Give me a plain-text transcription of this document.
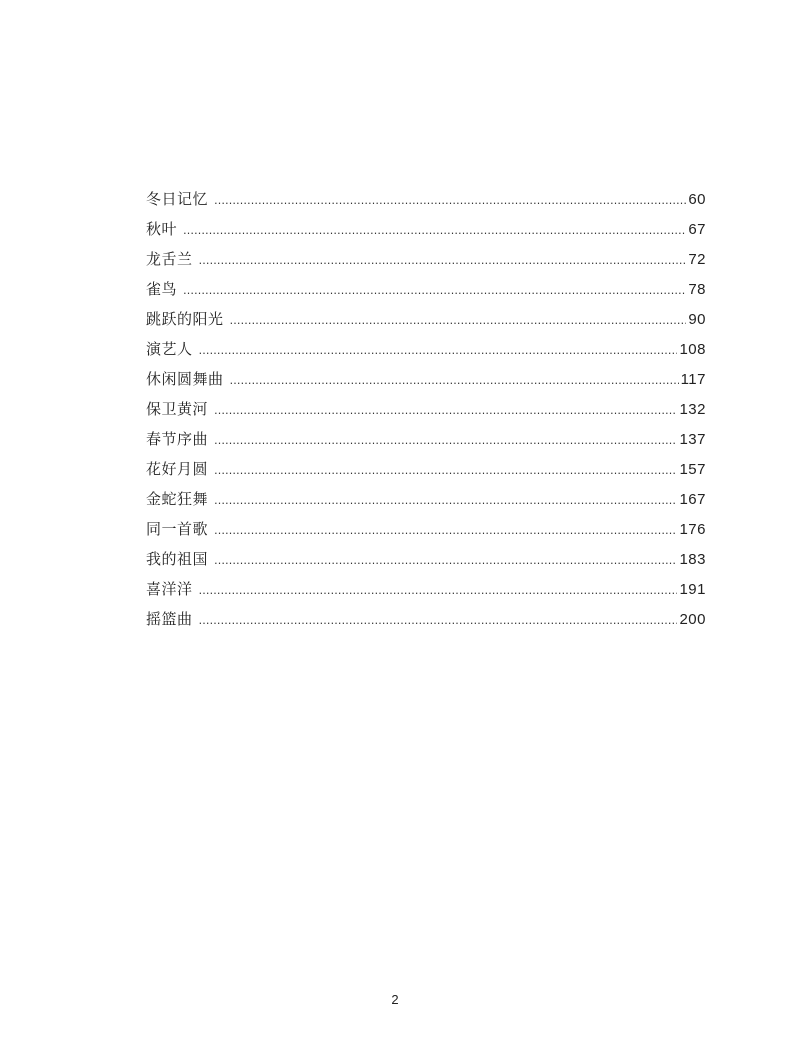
冬日记忆 ………………………………………………………………………………………………………………………………………………………………	60
秋叶 ………………………………………………………………………………………………………………………………………………………………	67
龙舌兰 ………………………………………………………………………………………………………………………………………………………………	72
雀鸟 ………………………………………………………………………………………………………………………………………………………………	78
跳跃的阳光 ………………………………………………………………………………………………………………………………………………………………	90
演艺人 ………………………………………………………………………………………………………………………………………………………………	108
休闲圆舞曲 ………………………………………………………………………………………………………………………………………………………………	117
保卫黄河 ………………………………………………………………………………………………………………………………………………………………	132
春节序曲 ………………………………………………………………………………………………………………………………………………………………	137
花好月圆 ………………………………………………………………………………………………………………………………………………………………	157
金蛇狂舞 ………………………………………………………………………………………………………………………………………………………………	167
同一首歌 ………………………………………………………………………………………………………………………………………………………………	176
我的祖国 ………………………………………………………………………………………………………………………………………………………………	183
喜洋洋 ………………………………………………………………………………………………………………………………………………………………	191
摇篮曲 ………………………………………………………………………………………………………………………………………………………………	200
2
